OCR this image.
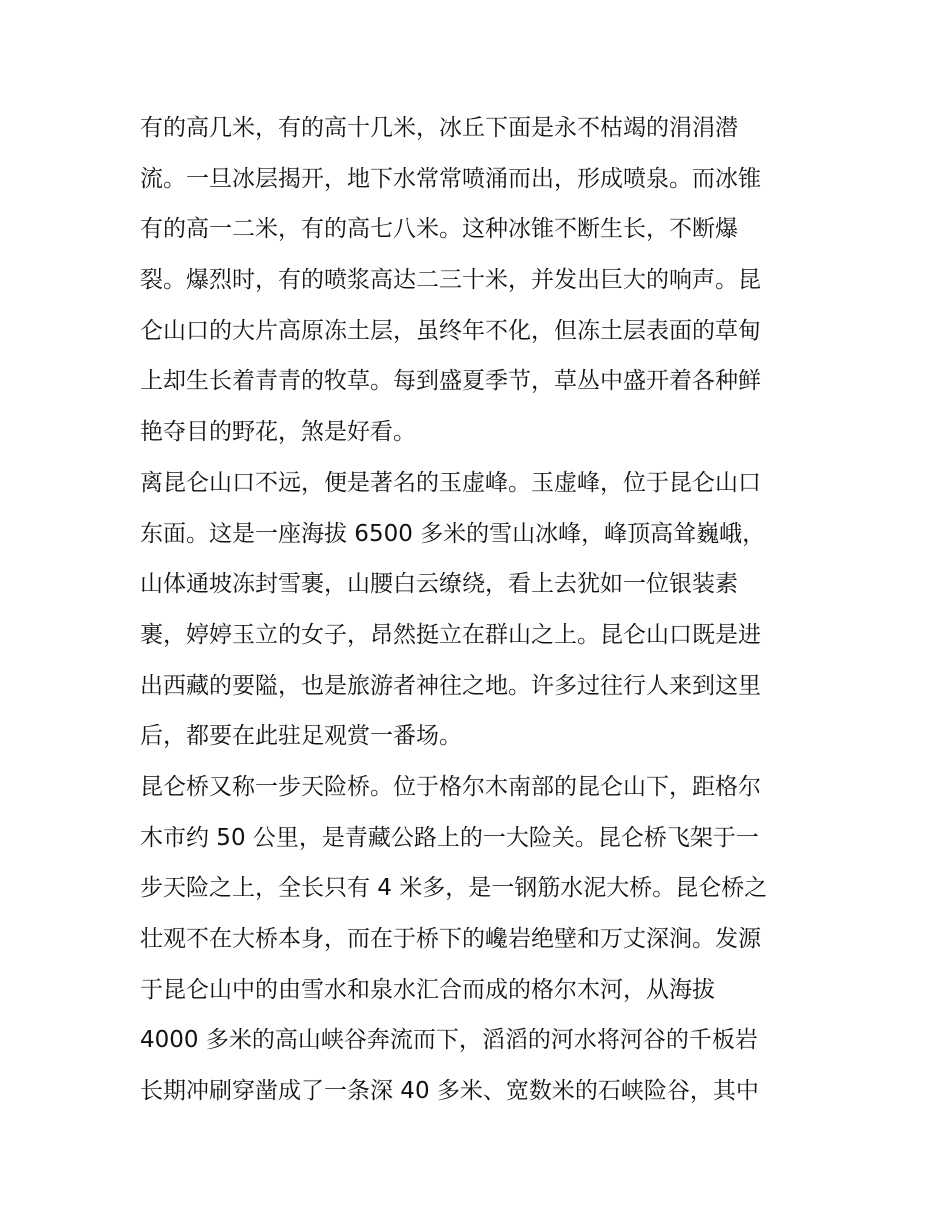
有的高几米，有的高十几米，冰丘下面是永不枯竭的涓涓潜
流。一旦冰层揭开，地下水常常喷涌而出，形成喷泉。而冰锥
有的高一二米，有的高七八米。这种冰锥不断生长，不断爆
裂。爆烈时，有的喷浆高达二三十米，并发出巨大的响声。昆
仑山口的大片高原冻土层，虽终年不化，但冻土层表面的草甸
上却生长着青青的牧草。每到盛夏季节，草丛中盛开着各种鲜
艳夺目的野花，煞是好看。
离昆仑山口不远，便是著名的玉虚峰。玉虚峰，位于昆仑山口
东面。这是一座海拔 6500 多米的雪山冰峰，峰顶高耸巍峨，
山体通坡冻封雪裹，山腰白云缭绕，看上去犹如一位银装素
裹，婷婷玉立的女子，昂然挺立在群山之上。昆仑山口既是进
出西藏的要隘，也是旅游者神往之地。许多过往行人来到这里
后，都要在此驻足观赏一番场。
昆仑桥又称一步天险桥。位于格尔木南部的昆仑山下，距格尔
木市约 50 公里，是青藏公路上的一大险关。昆仑桥飞架于一
步天险之上，全长只有 4 米多，是一钢筋水泥大桥。昆仑桥之
壮观不在大桥本身，而在于桥下的巉岩绝壁和万丈深涧。发源
于昆仑山中的由雪水和泉水汇合而成的格尔木河，从海拔
4000 多米的高山峡谷奔流而下，滔滔的河水将河谷的千板岩
长期冲刷穿凿成了一条深 40 多米、宽数米的石峡险谷，其中
